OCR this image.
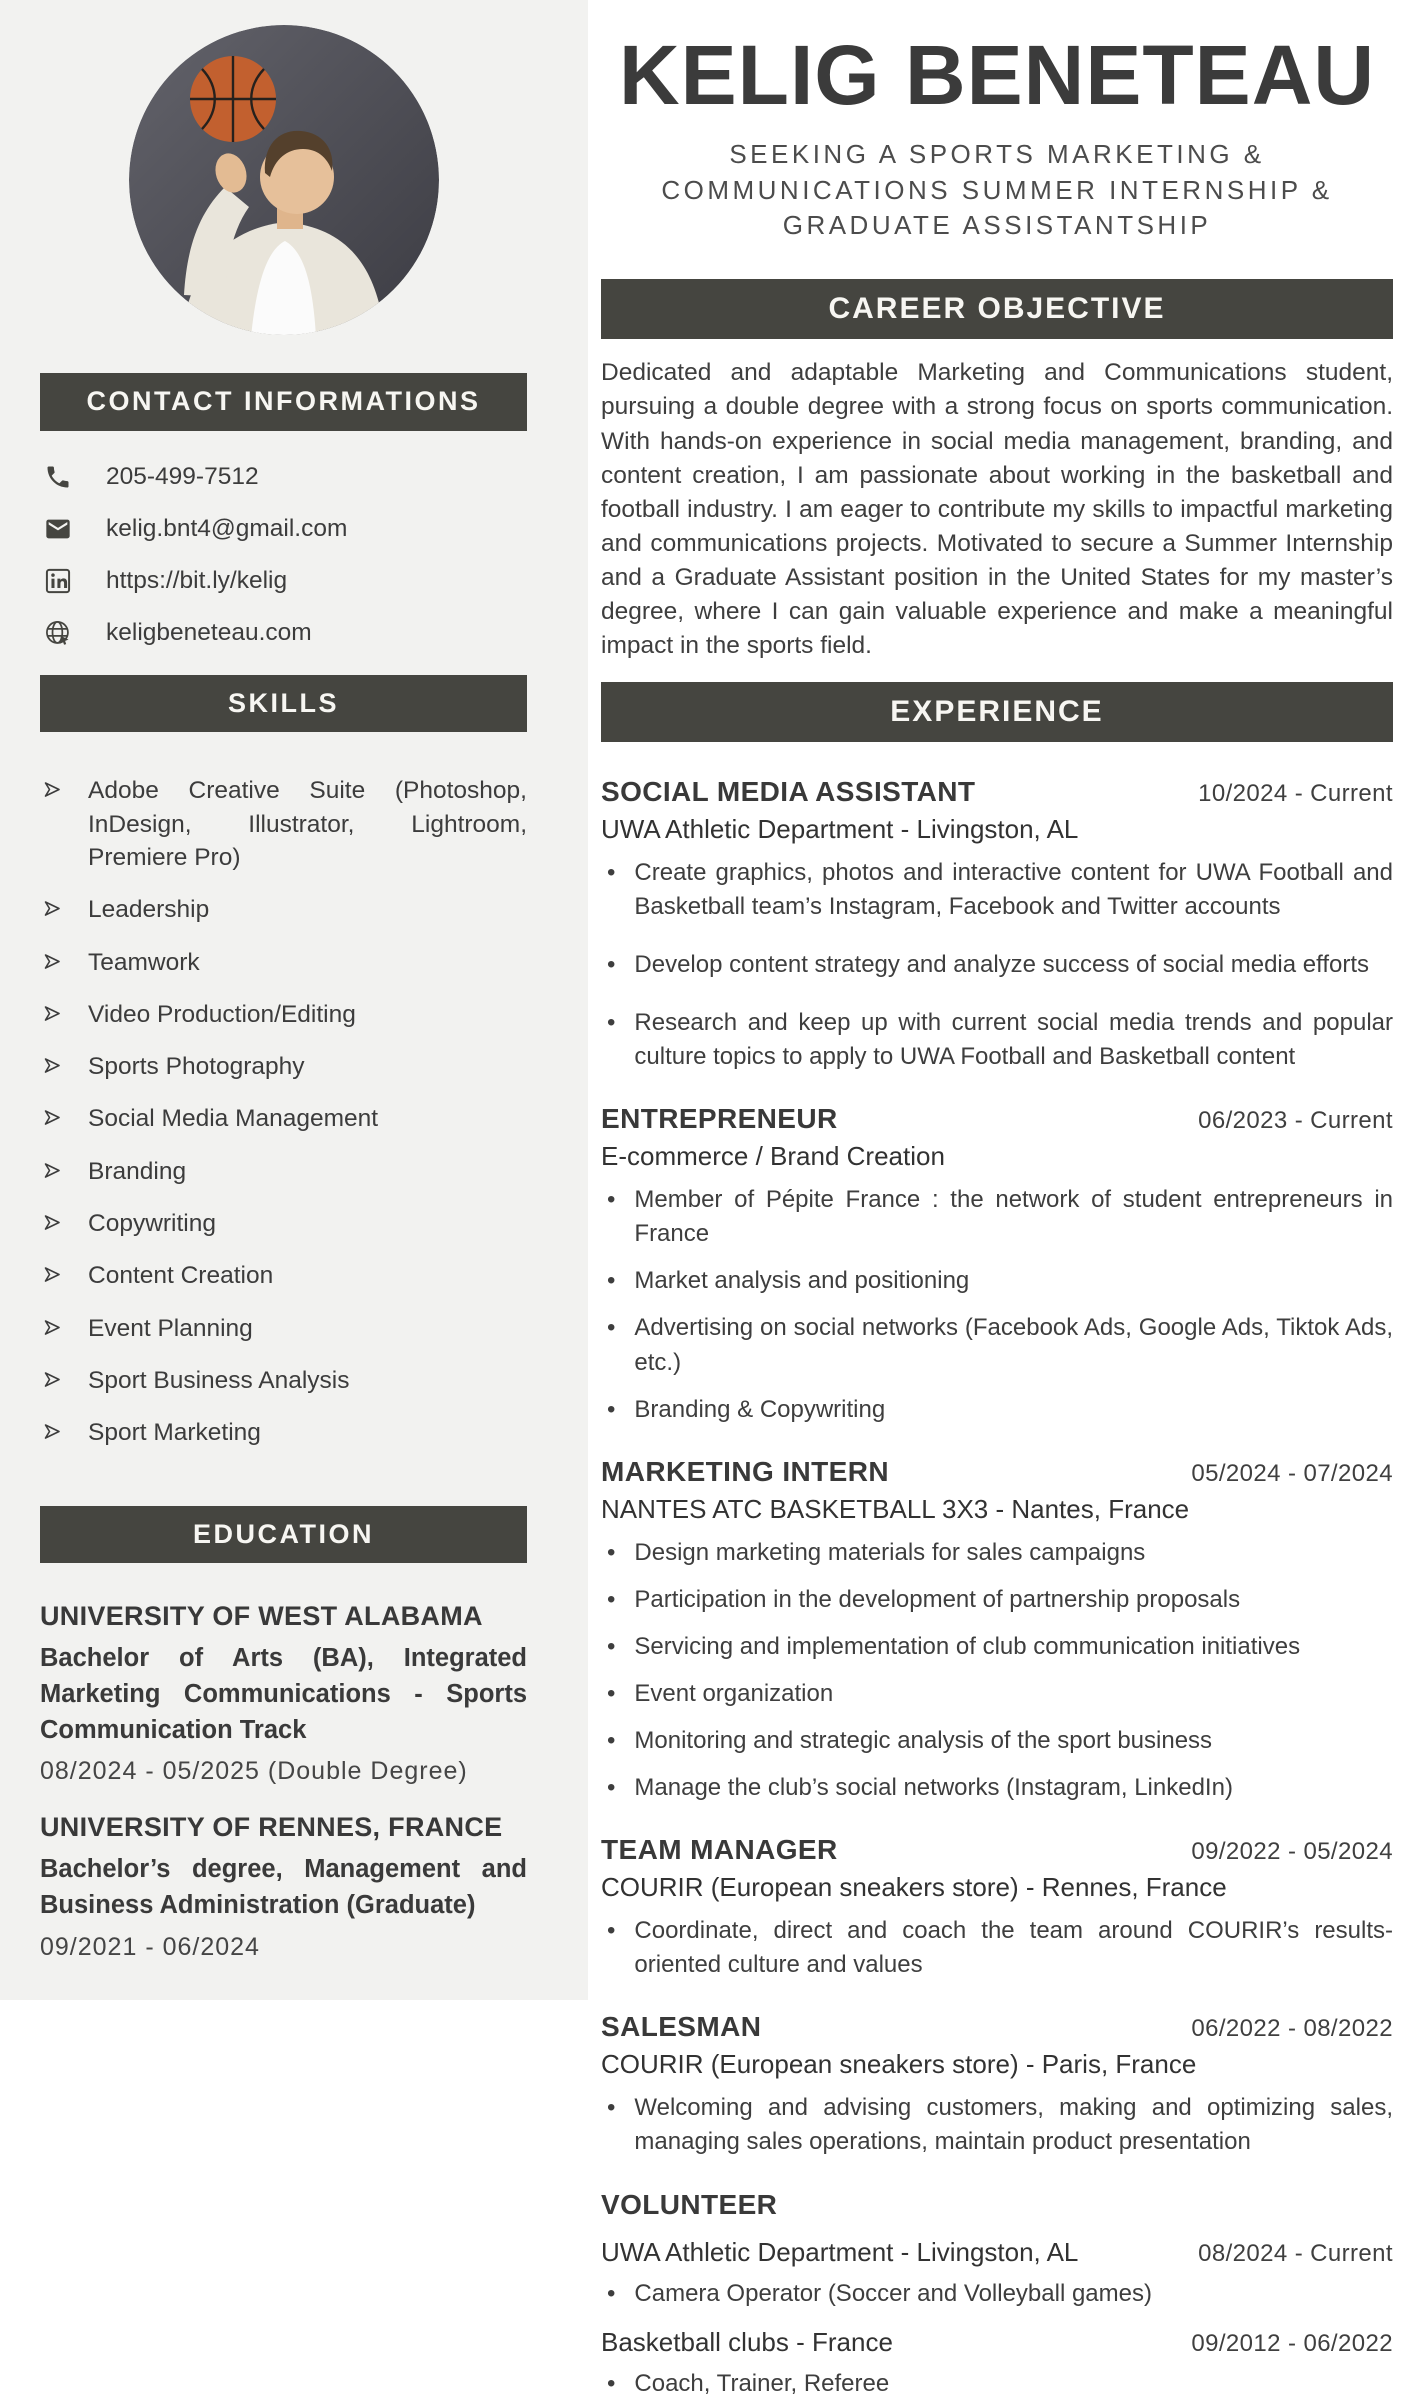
CONTACT INFORMATIONS
205-499-7512
kelig.bnt4@gmail.com
https://bit.ly/kelig
keligbeneteau.com
SKILLS
Adobe Creative Suite (Photoshop, InDesign, Illustrator, Lightroom, Premiere Pro)
Leadership
Teamwork
Video Production/Editing
Sports Photography
Social Media Management
Branding
Copywriting
Content Creation
Event Planning
Sport Business Analysis
Sport Marketing
EDUCATION
UNIVERSITY OF WEST ALABAMA
Bachelor of Arts (BA), Integrated Marketing Communications - Sports Communication Track
08/2024 - 05/2025 (Double Degree)
UNIVERSITY OF RENNES, FRANCE
Bachelor’s degree, Management and Business Administration (Graduate)
09/2021 - 06/2024
KELIG BENETEAU
SEEKING A SPORTS MARKETING &
COMMUNICATIONS SUMMER INTERNSHIP &
GRADUATE ASSISTANTSHIP
CAREER OBJECTIVE
Dedicated and adaptable Marketing and Communications student, pursuing a double degree with a strong focus on sports communication. With hands-on experience in social media management, branding, and content creation, I am passionate about working in the basketball and football industry. I am eager to contribute my skills to impactful marketing and communications projects. Motivated to secure a Summer Internship and a Graduate Assistant position in the United States for my master’s degree, where I can gain valuable experience and make a meaningful impact in the sports field.
EXPERIENCE
SOCIAL MEDIA ASSISTANT	10/2024 - Current
UWA Athletic Department - Livingston, AL
• Create graphics, photos and interactive content for UWA Football and Basketball team’s Instagram, Facebook and Twitter accounts
• Develop content strategy and analyze success of social media efforts
• Research and keep up with current social media trends and popular culture topics to apply to UWA Football and Basketball content
ENTREPRENEUR	06/2023 - Current
E-commerce / Brand Creation
• Member of Pépite France : the network of student entrepreneurs in France
• Market analysis and positioning
• Advertising on social networks (Facebook Ads, Google Ads, Tiktok Ads, etc.)
• Branding & Copywriting
MARKETING INTERN	05/2024 - 07/2024
NANTES ATC BASKETBALL 3X3 - Nantes, France
• Design marketing materials for sales campaigns
• Participation in the development of partnership proposals
• Servicing and implementation of club communication initiatives
• Event organization
• Monitoring and strategic analysis of the sport business
• Manage the club’s social networks (Instagram, LinkedIn)
TEAM MANAGER	09/2022 - 05/2024
COURIR (European sneakers store) - Rennes, France
• Coordinate, direct and coach the team around COURIR’s results-oriented culture and values
SALESMAN	06/2022 - 08/2022
COURIR (European sneakers store) - Paris, France
• Welcoming and advising customers, making and optimizing sales, managing sales operations, maintain product presentation
VOLUNTEER
UWA Athletic Department - Livingston, AL	08/2024 - Current
• Camera Operator (Soccer and Volleyball games)
Basketball clubs - France	09/2012 - 06/2022
• Coach, Trainer, Referee
